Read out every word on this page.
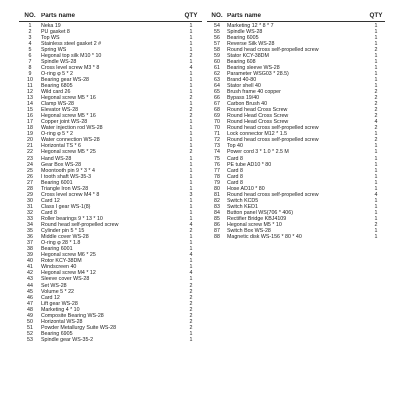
NO. Parts name	QTY
1	Neka 19	1
2	PU gasket 8	1
3	Top WS	1
4	Stainless steel gasket 2 #	1
5	Spring WS	1
6	Hegonal top silk M10 * 10	2
7	Spindle WS-28	1
8	Cross level screw M3 * 8	4
9	O-ring φ 5 * 2	1
10	Bearing gear WS-28	1
11	Bearing 6805	1
12	Wild card 26	1
13	Hegonal screw M5 * 16	2
14	Clamp WS-28	1
15	Elevator WS-28	2
16	Hegonal screw M5 * 16	2
17	Copper joint WS-28	1
18	Water injection rod WS-28	1
19	O-ring φ 5 * 2	1
20	Water connection WS-28	1
21	Horizontal TS * 6	1
22	Hegonal screw M5 * 25	2
23	Hand WS-28	1
24	Gear Box WS-28	1
25	Moontooth pin 9 * 3 * 4	1
26	I tooth shaft WS-35-3	1
27	Bearing 6001	1
28	Triangle Iron WS-28	1
29	Cross level screw M4 * 8	3
30	Card 12	1
31	Class I gear WS-1(8)	1
32	Card 8	1
33	Roller bearings 9 * 13 * 10	1
34	Round head self-propelled screw	4
35	Cylinder pin 5 * 15	2
36	Middle cover WS-28	1
37	O-ring φ 28 * 1.8	1
38	Bearing 6001	1
39	Hegonal screw M6 * 25	4
40	Rotor KCY-38DM	1
41	Windscreen 40	1
42	Hegonal screw M4 * 12	4
43	Sleeve cover WS-28	1
44	Set WS-28	2
45	Volume 5 * 22	2
46	Card 12	2
47	Lift gear WS-28	2
48	Marketing 4 * 10	2
49	Composite Bearing WS-28	2
50	Horizontal WS-28	2
51	Powder Metallurgy Suite WS-28	2
52	Bearing 6905	1
53	Spindle gear WS-35-2	1
NO. Parts name	QTY
54	Marketing 12 * 8 * 7	1
55	Spindle WS-28	1
56	Bearing 6005	1
57	Reverse Silk WS-28	1
58	Round head cross self-propelled screw	2
59	Stator KCY-38DM	1
60	Bearing 608	1
61	Bearing sleeve WS-28	1
62	Parameter WSG03 * 28.5)	1
63	Brand 40-80	1
64	Stator shell 40	1
65	Brush frame 40 copper	2
66	Bypass 19/40	2
67	Carbon Brush 40	2
68	Round head Cross Screw	2
69	Round Head Cross Screw	2
70	Round Head Cross Screw	4
70	Round head cross self-propelled screw	2
71	Lock connector M12 * 1.5	1
72	Round head cross self-propelled screw	2
73	Top 40	1
74	Power cord 3 * 1.0 * 2.5 M	1
75	Card 8	1
76	PE tube AD10 * 80	1
77	Card 8	1
78	Card 8	1
79	Card 8	1
80	Hose AD10 * 80	1
81	Round head cross self-propelled screw	4
82	Switch KCD5	1
83	Switch KED1	1
84	Button panel WS(706 * 406)	1
85	Rectifier Bridge KBJ4109	1
86	Hegonal screw M5 * 10	2
87	Switch Box WS-28	1
88	Magnetic disk WS-156 * 80 * 40	1
